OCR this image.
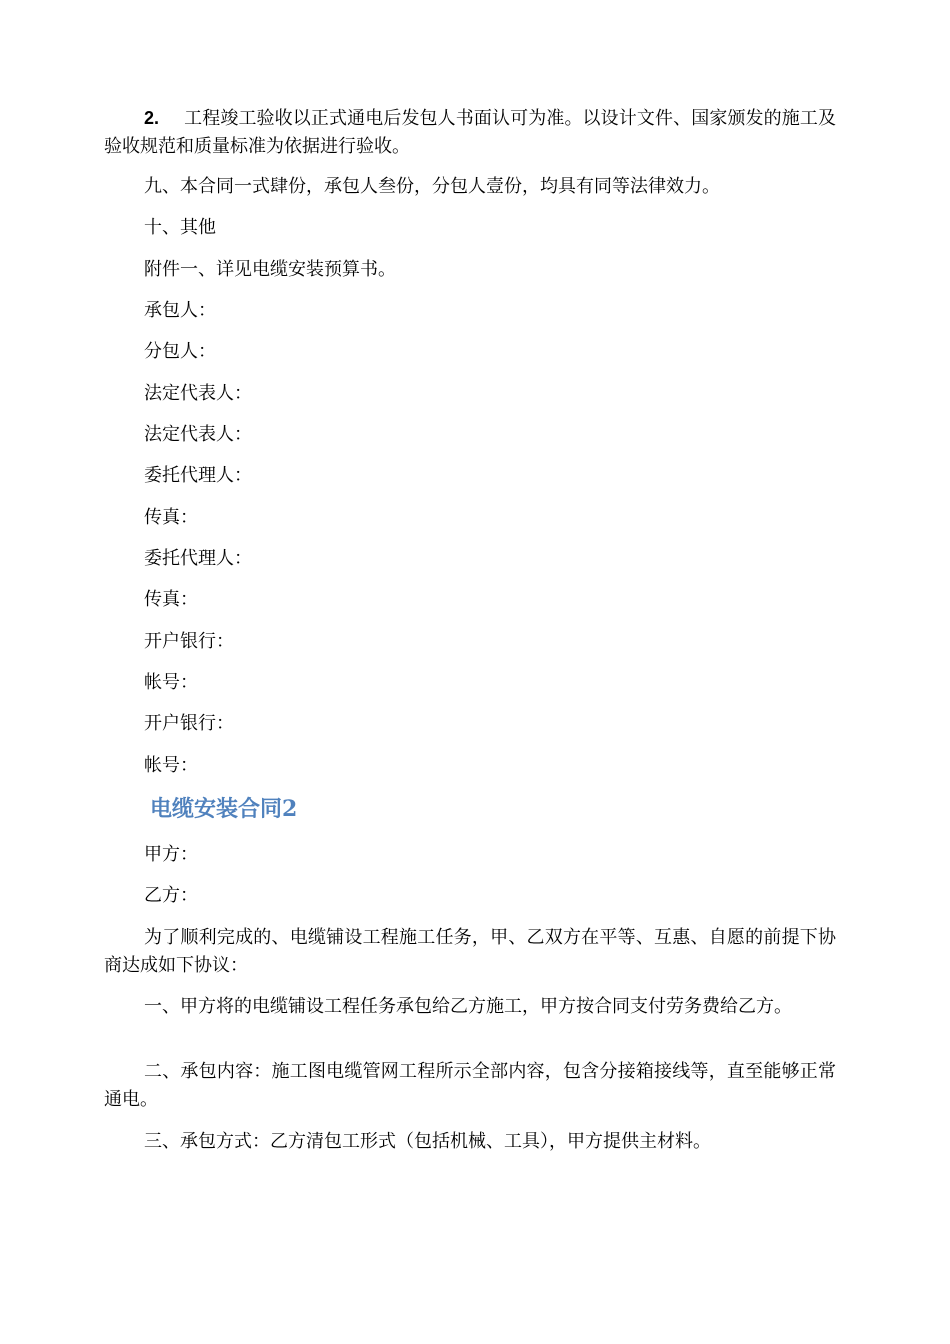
2. 工程竣工验收以正式通电后发包人书面认可为准。以设计文件、国家颁发的施工及验收规范和质量标准为依据进行验收。

九、本合同一式肆份，承包人叁份，分包人壹份，均具有同等法律效力。

十、其他

附件一、详见电缆安装预算书。

承包人：

分包人：

法定代表人：

法定代表人：

委托代理人：

传真：

委托代理人：

传真：

开户银行：

帐号：

开户银行：

帐号：

电缆安装合同2

甲方：

乙方：

为了顺利完成的、电缆铺设工程施工任务，甲、乙双方在平等、互惠、自愿的前提下协商达成如下协议：

一、甲方将的电缆铺设工程任务承包给乙方施工，甲方按合同支付劳务费给乙方。

二、承包内容：施工图电缆管网工程所示全部内容，包含分接箱接线等，直至能够正常通电。

三、承包方式：乙方清包工形式（包括机械、工具），甲方提供主材料。
